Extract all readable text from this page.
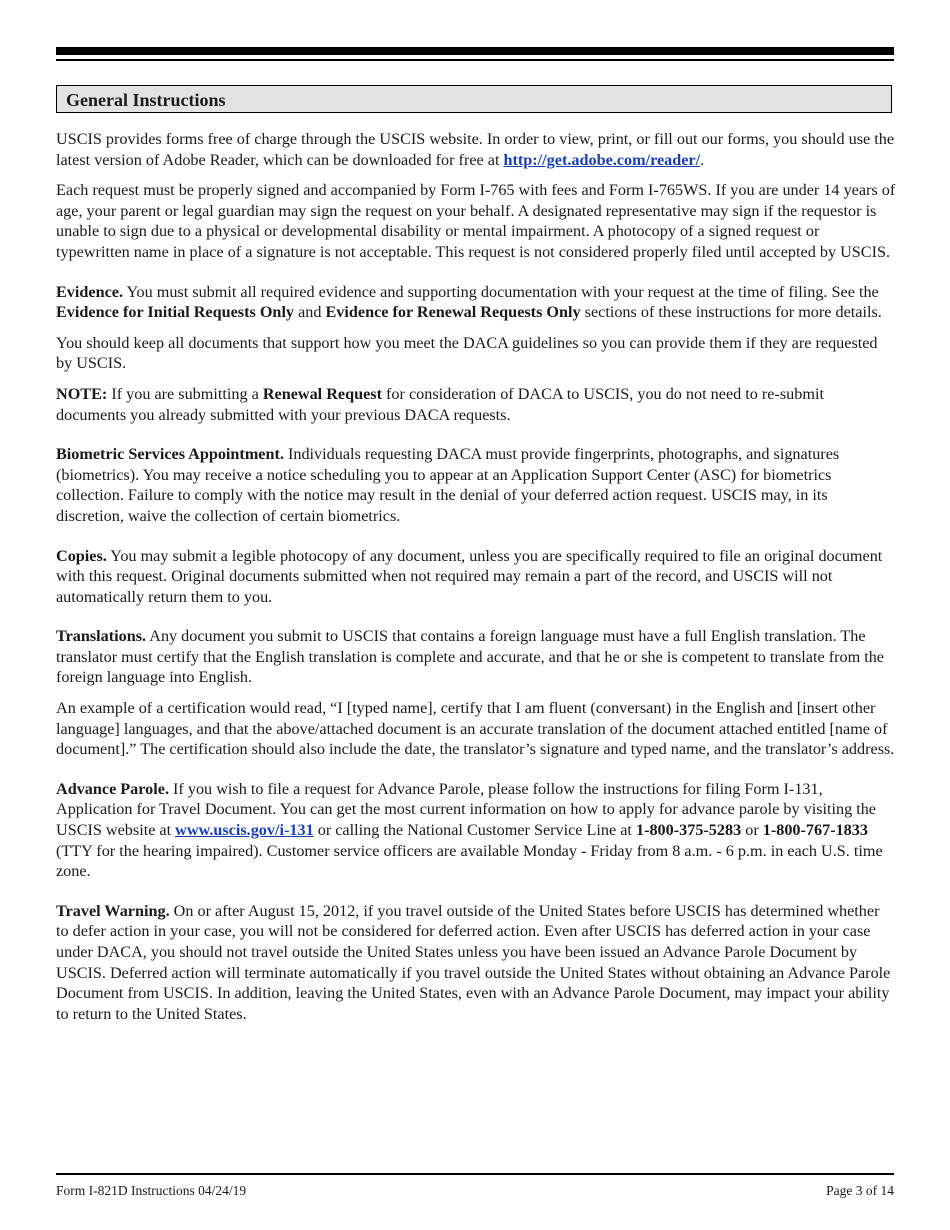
General Instructions

USCIS provides forms free of charge through the USCIS website. In order to view, print, or fill out our forms, you should use the latest version of Adobe Reader, which can be downloaded for free at http://get.adobe.com/reader/.

Each request must be properly signed and accompanied by Form I-765 with fees and Form I-765WS. If you are under 14 years of age, your parent or legal guardian may sign the request on your behalf. A designated representative may sign if the requestor is unable to sign due to a physical or developmental disability or mental impairment. A photocopy of a signed request or typewritten name in place of a signature is not acceptable. This request is not considered properly filed until accepted by USCIS.

Evidence. You must submit all required evidence and supporting documentation with your request at the time of filing. See the Evidence for Initial Requests Only and Evidence for Renewal Requests Only sections of these instructions for more details.

You should keep all documents that support how you meet the DACA guidelines so you can provide them if they are requested by USCIS.

NOTE: If you are submitting a Renewal Request for consideration of DACA to USCIS, you do not need to re-submit documents you already submitted with your previous DACA requests.

Biometric Services Appointment. Individuals requesting DACA must provide fingerprints, photographs, and signatures (biometrics). You may receive a notice scheduling you to appear at an Application Support Center (ASC) for biometrics collection. Failure to comply with the notice may result in the denial of your deferred action request. USCIS may, in its discretion, waive the collection of certain biometrics.

Copies. You may submit a legible photocopy of any document, unless you are specifically required to file an original document with this request. Original documents submitted when not required may remain a part of the record, and USCIS will not automatically return them to you.

Translations. Any document you submit to USCIS that contains a foreign language must have a full English translation. The translator must certify that the English translation is complete and accurate, and that he or she is competent to translate from the foreign language into English.

An example of a certification would read, “I [typed name], certify that I am fluent (conversant) in the English and [insert other language] languages, and that the above/attached document is an accurate translation of the document attached entitled [name of document].” The certification should also include the date, the translator’s signature and typed name, and the translator’s address.

Advance Parole. If you wish to file a request for Advance Parole, please follow the instructions for filing Form I-131, Application for Travel Document. You can get the most current information on how to apply for advance parole by visiting the USCIS website at www.uscis.gov/i-131 or calling the National Customer Service Line at 1-800-375-5283 or 1-800-767-1833 (TTY for the hearing impaired). Customer service officers are available Monday - Friday from 8 a.m. - 6 p.m. in each U.S. time zone.

Travel Warning. On or after August 15, 2012, if you travel outside of the United States before USCIS has determined whether to defer action in your case, you will not be considered for deferred action. Even after USCIS has deferred action in your case under DACA, you should not travel outside the United States unless you have been issued an Advance Parole Document by USCIS. Deferred action will terminate automatically if you travel outside the United States without obtaining an Advance Parole Document from USCIS. In addition, leaving the United States, even with an Advance Parole Document, may impact your ability to return to the United States.

Form I-821D Instructions 04/24/19	Page 3 of 14
